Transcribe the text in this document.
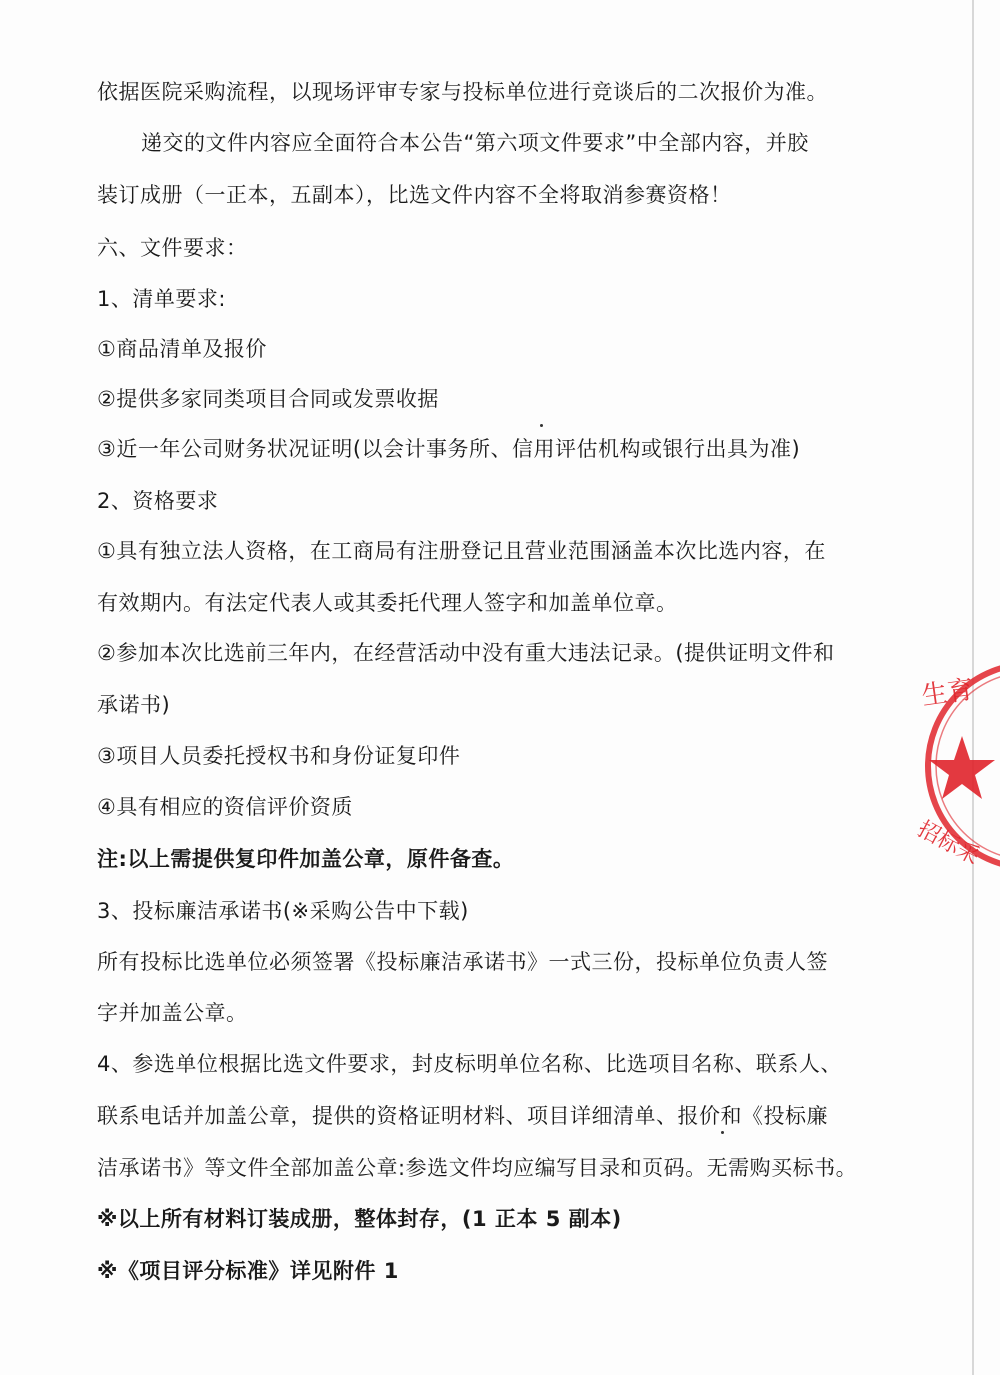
依据医院采购流程，以现场评审专家与投标单位进行竞谈后的二次报价为准。
递交的文件内容应全面符合本公告“第六项文件要求”中全部内容，并胶
装订成册（一正本，五副本），比选文件内容不全将取消参赛资格！
六、文件要求：
1、清单要求:
①商品清单及报价
②提供多家同类项目合同或发票收据
③近一年公司财务状况证明(以会计事务所、信用评估机构或银行出具为准)
2、资格要求
①具有独立法人资格，在工商局有注册登记且营业范围涵盖本次比选内容，在
有效期内。有法定代表人或其委托代理人签字和加盖单位章。
②参加本次比选前三年内，在经营活动中没有重大违法记录。(提供证明文件和
承诺书)
③项目人员委托授权书和身份证复印件
④具有相应的资信评价资质
注:以上需提供复印件加盖公章，原件备查。
3、投标廉洁承诺书(※采购公告中下载)
所有投标比选单位必须签署《投标廉洁承诺书》一式三份，投标单位负责人签
字并加盖公章。
4、参选单位根据比选文件要求，封皮标明单位名称、比选项目名称、联系人、
联系电话并加盖公章，提供的资格证明材料、项目详细清单、报价和《投标廉
洁承诺书》等文件全部加盖公章:参选文件均应编写目录和页码。无需购买标书。
※以上所有材料订装成册，整体封存，(1 正本 5 副本)
※《项目评分标准》详见附件 1
生育
招标采
